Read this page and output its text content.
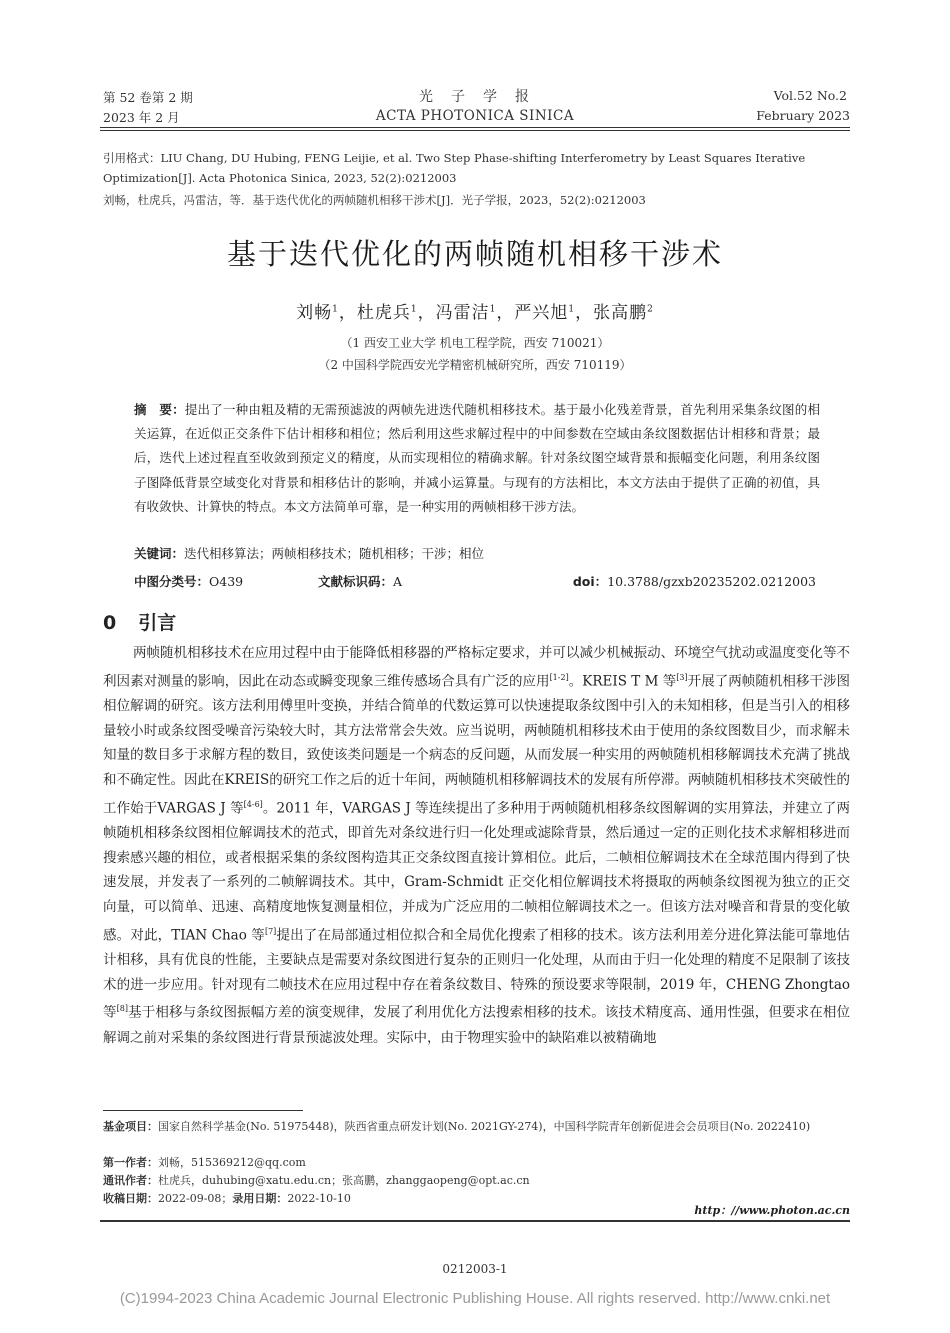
第 52 卷第 2 期
2023 年 2 月
光　子　学　报
ACTA PHOTONICA SINICA
Vol.52 No.2
February 2023
引用格式：LIU Chang, DU Hubing, FENG Leijie, et al. Two Step Phase-shifting Interferometry by Least Squares Iterative Optimization[J]. Acta Photonica Sinica, 2023, 52(2):0212003
刘畅，杜虎兵，冯雷洁，等．基于迭代优化的两帧随机相移干涉术[J]．光子学报，2023，52(2):0212003
基于迭代优化的两帧随机相移干涉术
刘畅$^1$，杜虎兵$^1$，冯雷洁$^1$，严兴旭$^1$，张高鹏$^2$
（1 西安工业大学 机电工程学院，西安 710021）
（2 中国科学院西安光学精密机械研究所，西安 710119）
摘　要：提出了一种由粗及精的无需预滤波的两帧先进迭代随机相移技术。基于最小化残差背景，首先利用采集条纹图的相关运算，在近似正交条件下估计相移和相位；然后利用这些求解过程中的中间参数在空域由条纹图数据估计相移和背景；最后，迭代上述过程直至收敛到预定义的精度，从而实现相位的精确求解。针对条纹图空域背景和振幅变化问题，利用条纹图子图降低背景空域变化对背景和相移估计的影响，并减小运算量。与现有的方法相比，本文方法由于提供了正确的初值，具有收敛快、计算快的特点。本文方法简单可靠，是一种实用的两帧相移干涉方法。
关键词：迭代相移算法；两帧相移技术；随机相移；干涉；相位
中图分类号：O439	文献标识码：A	doi：10.3788/gzxb20235202.0212003
0 引言
两帧随机相移技术在应用过程中由于能降低相移器的严格标定要求，并可以减少机械振动、环境空气扰动或温度变化等不利因素对测量的影响，因此在动态或瞬变现象三维传感场合具有广泛的应用[1-2]。KREIS T M 等[3]开展了两帧随机相移干涉图相位解调的研究。该方法利用傅里叶变换，并结合简单的代数运算可以快速提取条纹图中引入的未知相移，但是当引入的相移量较小时或条纹图受噪音污染较大时，其方法常常会失效。应当说明，两帧随机相移技术由于使用的条纹图数目少，而求解未知量的数目多于求解方程的数目，致使该类问题是一个病态的反问题，从而发展一种实用的两帧随机相移解调技术充满了挑战和不确定性。因此在KREIS的研究工作之后的近十年间，两帧随机相移解调技术的发展有所停滞。两帧随机相移技术突破性的工作始于VARGAS J 等[4-6]。2011 年，VARGAS J 等连续提出了多种用于两帧随机相移条纹图解调的实用算法，并建立了两帧随机相移条纹图相位解调技术的范式，即首先对条纹进行归一化处理或滤除背景，然后通过一定的正则化技术求解相移进而搜索感兴趣的相位，或者根据采集的条纹图构造其正交条纹图直接计算相位。此后，二帧相位解调技术在全球范围内得到了快速发展，并发表了一系列的二帧解调技术。其中，Gram-Schmidt 正交化相位解调技术将摄取的两帧条纹图视为独立的正交向量，可以简单、迅速、高精度地恢复测量相位，并成为广泛应用的二帧相位解调技术之一。但该方法对噪音和背景的变化敏感。对此，TIAN Chao 等[7]提出了在局部通过相位拟合和全局优化搜索了相移的技术。该方法利用差分进化算法能可靠地估计相移，具有优良的性能，主要缺点是需要对条纹图进行复杂的正则归一化处理，从而由于归一化处理的精度不足限制了该技术的进一步应用。针对现有二帧技术在应用过程中存在着条纹数目、特殊的预设要求等限制，2019 年，CHENG Zhongtao 等[8]基于相移与条纹图振幅方差的演变规律，发展了利用优化方法搜索相移的技术。该技术精度高、通用性强，但要求在相位解调之前对采集的条纹图进行背景预滤波处理。实际中，由于物理实验中的缺陷难以被精确地
基金项目：国家自然科学基金(No. 51975448)，陕西省重点研发计划(No. 2021GY-274)，中国科学院青年创新促进会会员项目(No. 2022410)
第一作者：刘畅，515369212@qq.com
通讯作者：杜虎兵，duhubing@xatu.edu.cn；张高鹏，zhanggaopeng@opt.ac.cn
收稿日期：2022-09-08；录用日期：2022-10-10
http：//www.photon.ac.cn
0212003-1
(C)1994-2023 China Academic Journal Electronic Publishing House. All rights reserved. http://www.cnki.net
